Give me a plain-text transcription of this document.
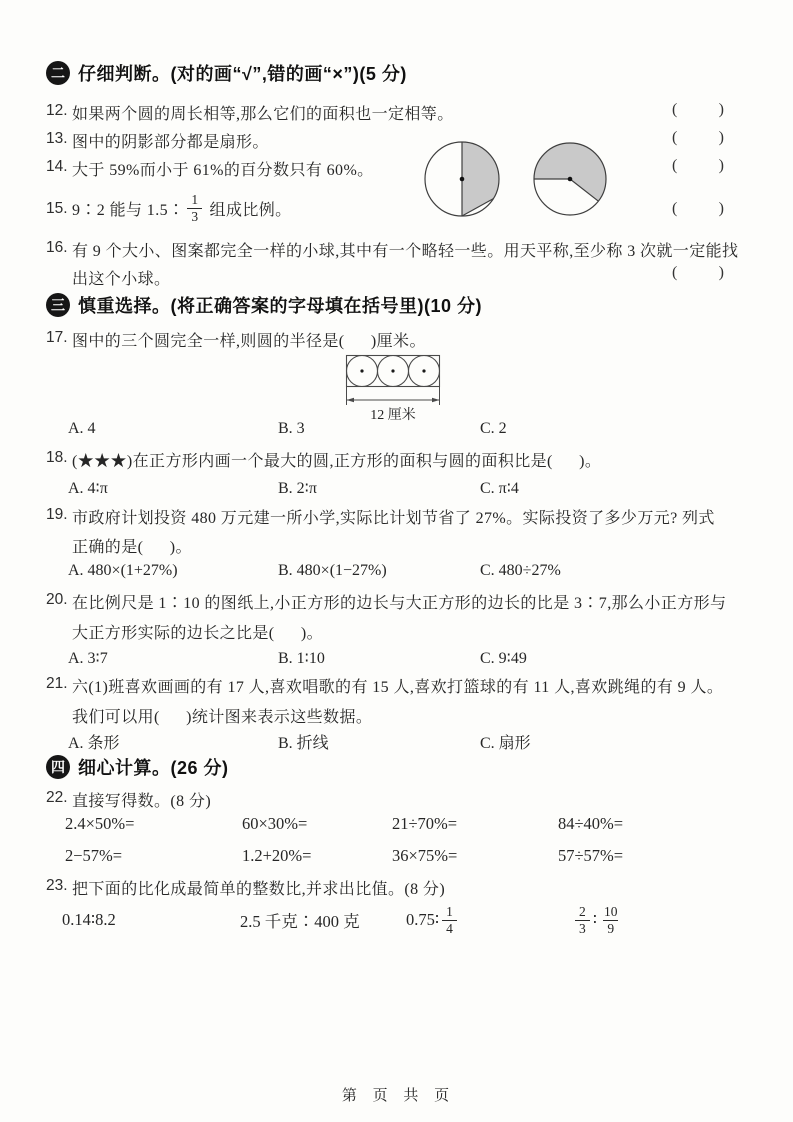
二 仔细判断。(对的画“√”,错的画“×”)(5 分)
12. 如果两个圆的周长相等,那么它们的面积也一定相等。	(	)
13. 图中的阴影部分都是扇形。	(	)
14. 大于 59%而小于 61%的百分数只有 60%。	(	)
15. 9∶2 能与 1.5∶ $\frac{1}{3}$ 组成比例。	(	)
16. 有 9 个大小、图案都完全一样的小球,其中有一个略轻一些。用天平称,至少称 3 次就一定能找
出这个小球。	(	)
三 慎重选择。(将正确答案的字母填在括号里)(10 分)
17. 图中的三个圆完全一样,则圆的半径是(      )厘米。
12 厘米
A. 4	B. 3	C. 2
18. (★★★)在正方形内画一个最大的圆,正方形的面积与圆的面积比是(      )。
A. 4∶π	B. 2∶π	C. π∶4
19. 市政府计划投资 480 万元建一所小学,实际比计划节省了 27%。实际投资了多少万元? 列式
正确的是(      )。
A. 480×(1+27%)	B. 480×(1−27%)	C. 480÷27%
20. 在比例尺是 1∶10 的图纸上,小正方形的边长与大正方形的边长的比是 3∶7,那么小正方形与
大正方形实际的边长之比是(      )。
A. 3∶7	B. 1∶10	C. 9∶49
21. 六(1)班喜欢画画的有 17 人,喜欢唱歌的有 15 人,喜欢打篮球的有 11 人,喜欢跳绳的有 9 人。
我们可以用(      )统计图来表示这些数据。
A. 条形	B. 折线	C. 扇形
四 细心计算。(26 分)
22. 直接写得数。(8 分)
2.4×50%=	60×30%=	21÷70%=	84÷40%=
2−57%=	1.2+20%=	36×75%=	57÷57%=
23. 把下面的比化成最简单的整数比,并求出比值。(8 分)
0.14∶8.2	2.5 千克∶400 克	0.75∶ $\frac{1}{4}$	$\frac{2}{3}$ ∶ $\frac{10}{9}$
第 页 共 页
